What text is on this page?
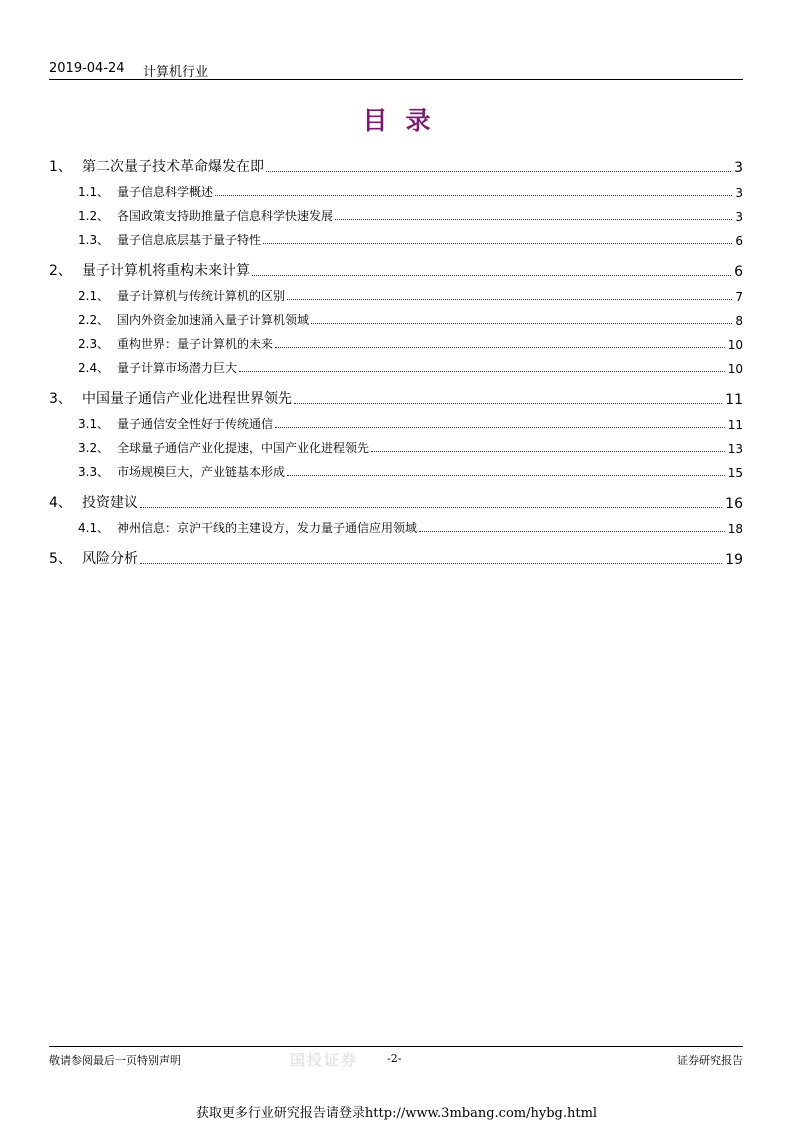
2019-04-24 计算机行业
目录
1、 第二次量子技术革命爆发在即	3
1.1、 量子信息科学概述	3
1.2、 各国政策支持助推量子信息科学快速发展	3
1.3、 量子信息底层基于量子特性	6
2、 量子计算机将重构未来计算	6
2.1、 量子计算机与传统计算机的区别	7
2.2、 国内外资金加速涌入量子计算机领域	8
2.3、 重构世界：量子计算机的未来	10
2.4、 量子计算市场潜力巨大	10
3、 中国量子通信产业化进程世界领先	11
3.1、 量子通信安全性好于传统通信	11
3.2、 全球量子通信产业化提速，中国产业化进程领先	13
3.3、 市场规模巨大，产业链基本形成	15
4、 投资建议	16
4.1、 神州信息：京沪干线的主建设方，发力量子通信应用领域	18
5、 风险分析	19
敬请参阅最后一页特别声明	国投证券	-2-	证券研究报告
获取更多行业研究报告请登录http://www.3mbang.com/hybg.html
